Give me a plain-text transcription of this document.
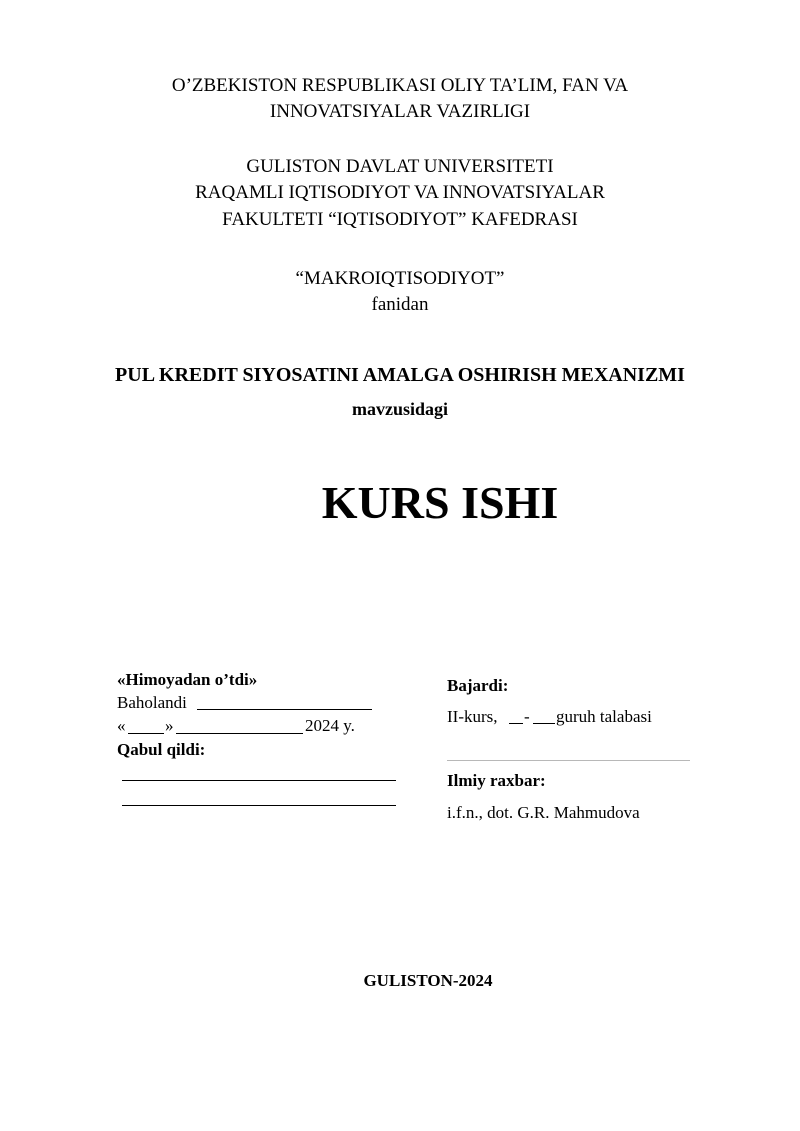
O’ZBEKISTON RESPUBLIKASI OLIY TA’LIM, FAN VA
INNOVATSIYALAR VAZIRLIGI
GULISTON DAVLAT UNIVERSITETI
RAQAMLI IQTISODIYOT VA INNOVATSIYALAR
FAKULTETI “IQTISODIYOT” KAFEDRASI
“MAKROIQTISODIYOT”
fanidan
PUL KREDIT SIYOSATINI AMALGA OSHIRISH MEXANIZMI
mavzusidagi
KURS ISHI
«Himoyadan o’tdi»
Baholandi
« »	2024 y.
Qabul qildi:
Bajardi:
II-kurs, - guruh talabasi
Ilmiy raxbar:
i.f.n., dot. G.R. Mahmudova
GULISTON-2024
